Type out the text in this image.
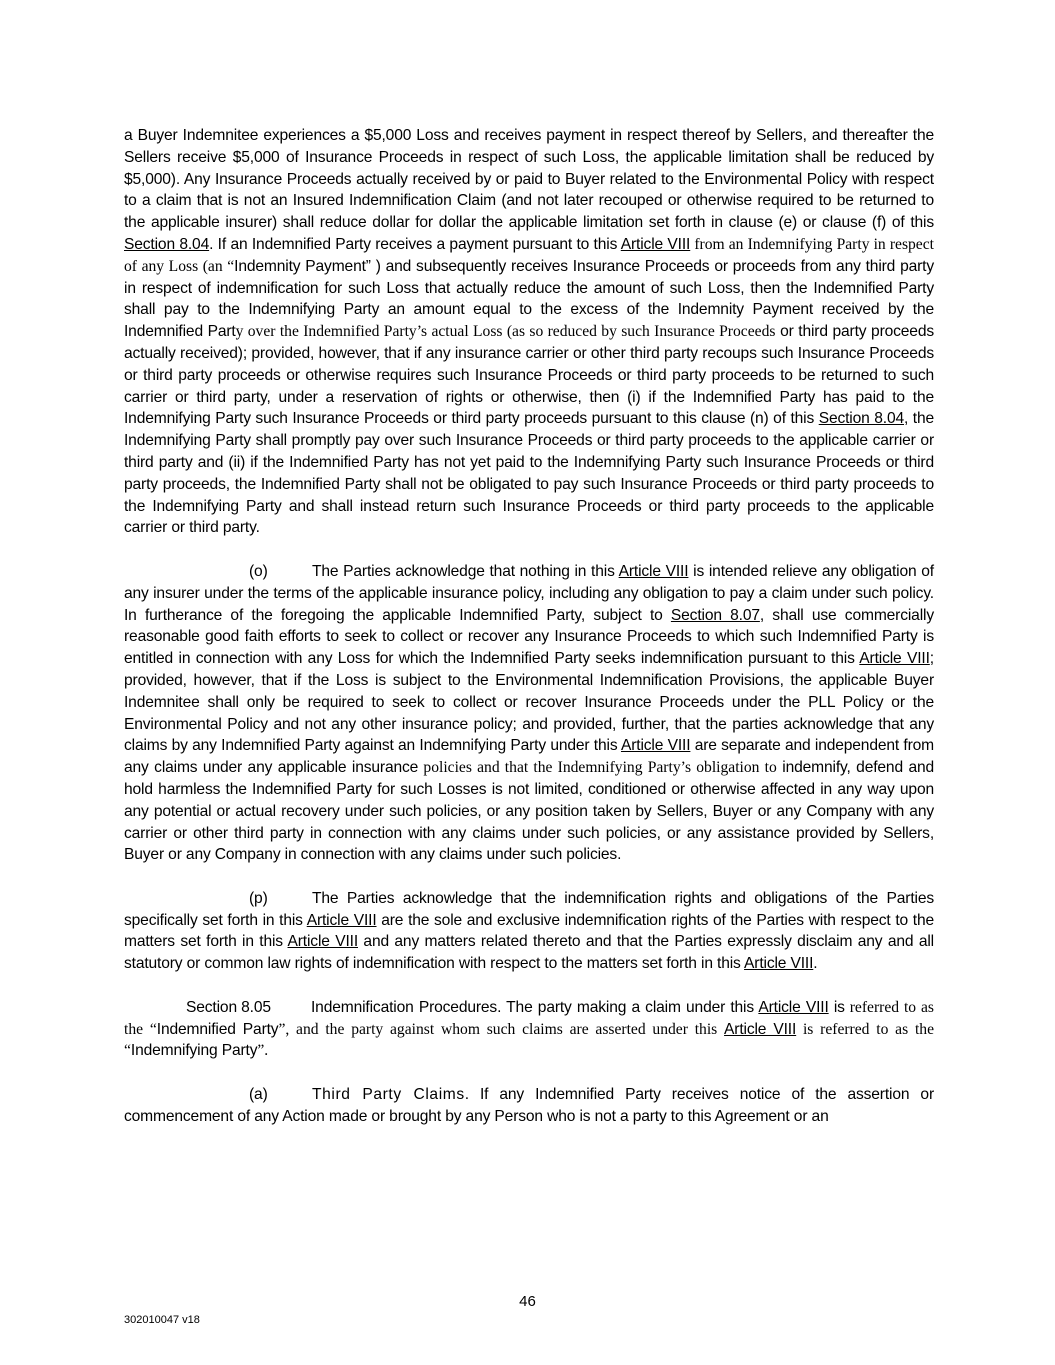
a Buyer Indemnitee experiences a $5,000 Loss and receives payment in respect thereof by Sellers, and thereafter the Sellers receive $5,000 of Insurance Proceeds in respect of such Loss, the applicable limitation shall be reduced by $5,000). Any Insurance Proceeds actually received by or paid to Buyer related to the Environmental Policy with respect to a claim that is not an Insured Indemnification Claim (and not later recouped or otherwise required to be returned to the applicable insurer) shall reduce dollar for dollar the applicable limitation set forth in clause (e) or clause (f) of this Section 8.04. If an Indemnified Party receives a payment pursuant to this Article VIII from an Indemnifying Party in respect of any Loss (an “Indemnity Payment” ) and subsequently receives Insurance Proceeds or proceeds from any third party in respect of indemnification for such Loss that actually reduce the amount of such Loss, then the Indemnified Party shall pay to the Indemnifying Party an amount equal to the excess of the Indemnity Payment received by the Indemnified Party over the Indemnified Party’s actual Loss (as so reduced by such Insurance Proceeds or third party proceeds actually received); provided, however, that if any insurance carrier or other third party recoups such Insurance Proceeds or third party proceeds or otherwise requires such Insurance Proceeds or third party proceeds to be returned to such carrier or third party, under a reservation of rights or otherwise, then (i) if the Indemnified Party has paid to the Indemnifying Party such Insurance Proceeds or third party proceeds pursuant to this clause (n) of this Section 8.04, the Indemnifying Party shall promptly pay over such Insurance Proceeds or third party proceeds to the applicable carrier or third party and (ii) if the Indemnified Party has not yet paid to the Indemnifying Party such Insurance Proceeds or third party proceeds, the Indemnified Party shall not be obligated to pay such Insurance Proceeds or third party proceeds to the Indemnifying Party and shall instead return such Insurance Proceeds or third party proceeds to the applicable carrier or third party.

(o)	The Parties acknowledge that nothing in this Article VIII is intended relieve any obligation of any insurer under the terms of the applicable insurance policy, including any obligation to pay a claim under such policy. In furtherance of the foregoing the applicable Indemnified Party, subject to Section 8.07, shall use commercially reasonable good faith efforts to seek to collect or recover any Insurance Proceeds to which such Indemnified Party is entitled in connection with any Loss for which the Indemnified Party seeks indemnification pursuant to this Article VIII; provided, however, that if the Loss is subject to the Environmental Indemnification Provisions, the applicable Buyer Indemnitee shall only be required to seek to collect or recover Insurance Proceeds under the PLL Policy or the Environmental Policy and not any other insurance policy; and provided, further, that the parties acknowledge that any claims by any Indemnified Party against an Indemnifying Party under this Article VIII are separate and independent from any claims under any applicable insurance policies and that the Indemnifying Party’s obligation to indemnify, defend and hold harmless the Indemnified Party for such Losses is not limited, conditioned or otherwise affected in any way upon any potential or actual recovery under such policies, or any position taken by Sellers, Buyer or any Company with any carrier or other third party in connection with any claims under such policies, or any assistance provided by Sellers, Buyer or any Company in connection with any claims under such policies.

(p)	The Parties acknowledge that the indemnification rights and obligations of the Parties specifically set forth in this Article VIII are the sole and exclusive indemnification rights of the Parties with respect to the matters set forth in this Article VIII and any matters related thereto and that the Parties expressly disclaim any and all statutory or common law rights of indemnification with respect to the matters set forth in this Article VIII.

Section 8.05	Indemnification Procedures. The party making a claim under this Article VIII is referred to as the “Indemnified Party”, and the party against whom such claims are asserted under this Article VIII is referred to as the “Indemnifying Party”.

(a)	Third Party Claims. If any Indemnified Party receives notice of the assertion or commencement of any Action made or brought by any Person who is not a party to this Agreement or an

46
302010047 v18
